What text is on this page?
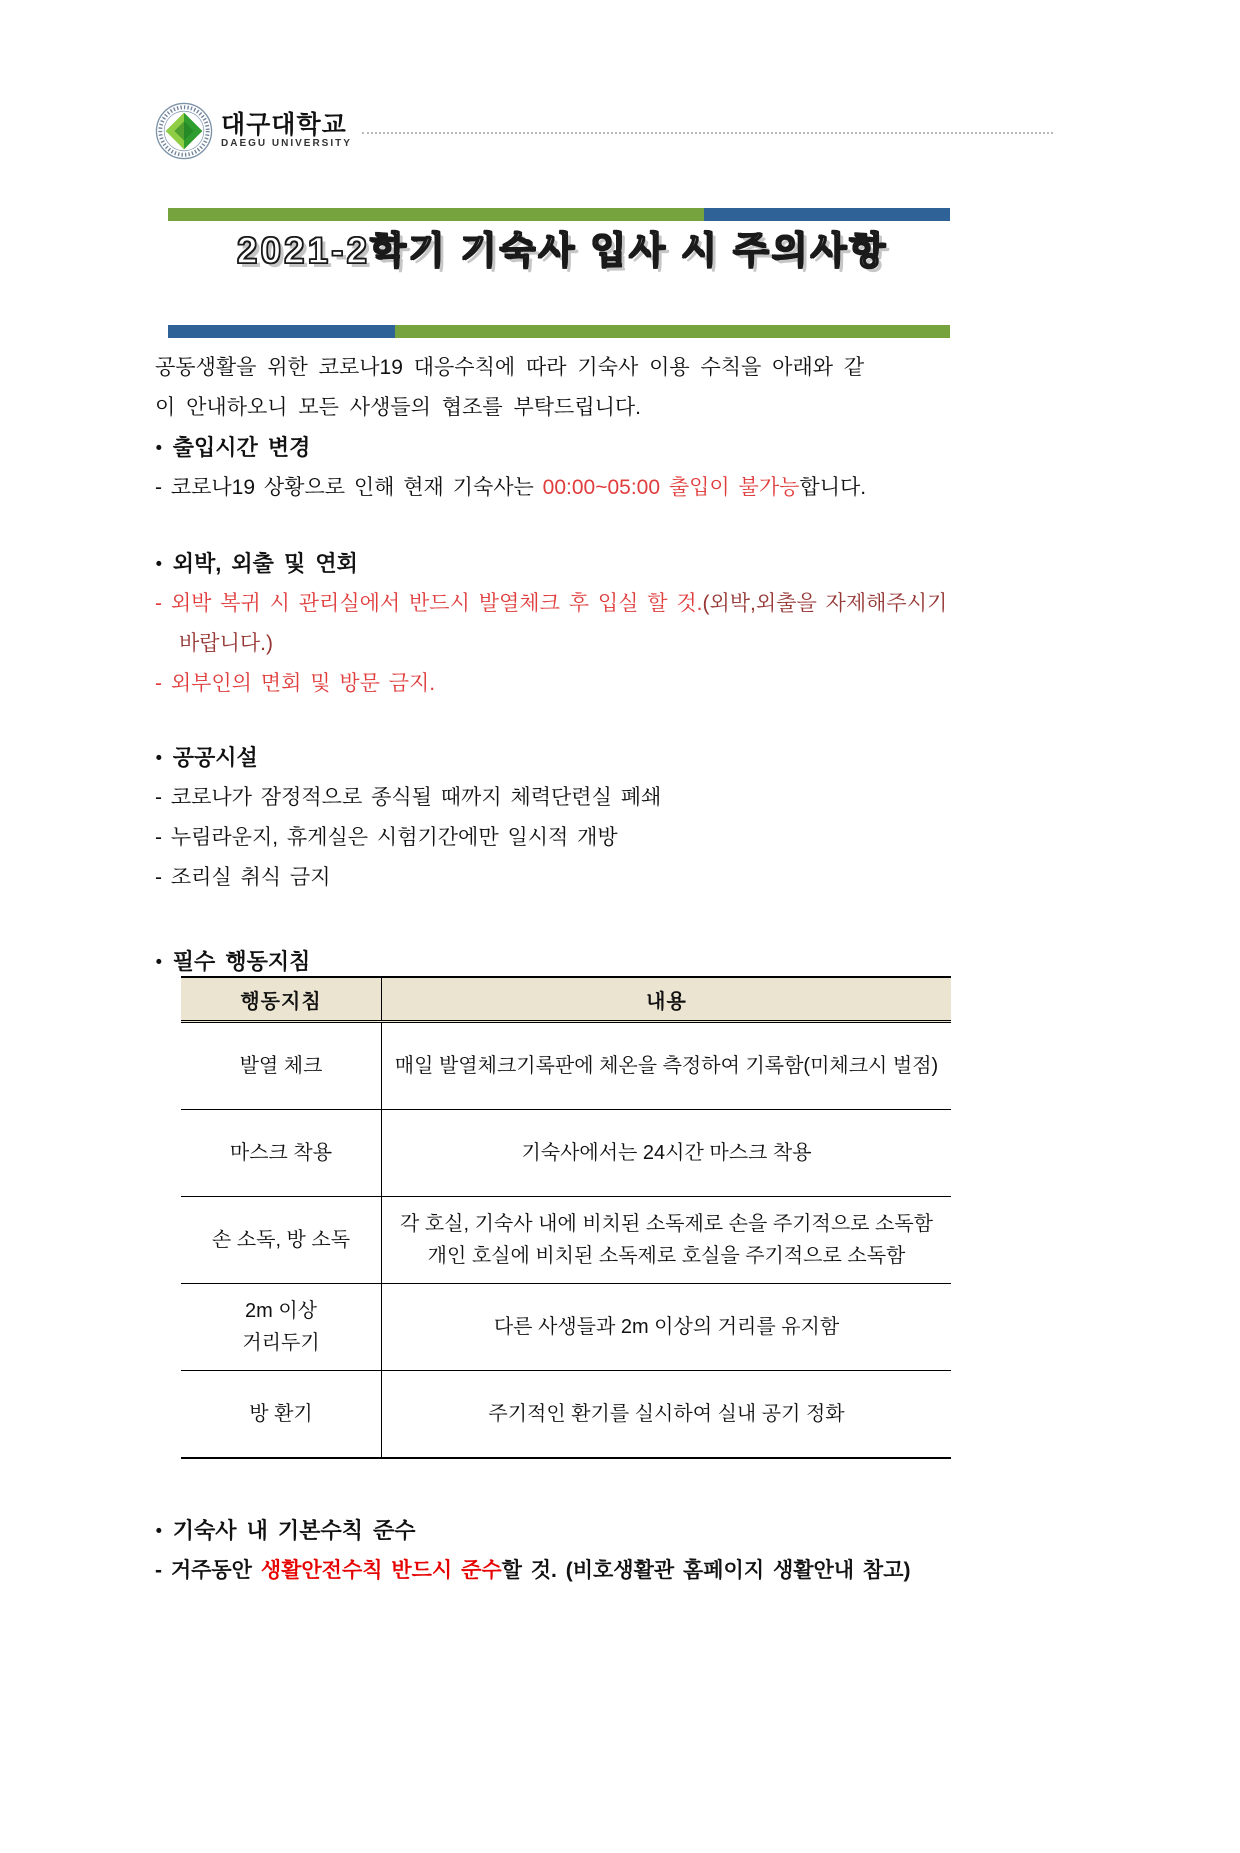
대구대학교
DAEGU UNIVERSITY
2021-2학기 기숙사 입사 시 주의사항
공동생활을 위한 코로나19 대응수칙에 따라 기숙사 이용 수칙을 아래와 같
이 안내하오니 모든 사생들의 협조를 부탁드립니다.
• 출입시간 변경
- 코로나19 상황으로 인해 현재 기숙사는 00:00~05:00 출입이 불가능합니다.
• 외박, 외출 및 연회
- 외박 복귀 시 관리실에서 반드시 발열체크 후 입실 할 것.(외박,외출을 자제해주시기 바랍니다.)
- 외부인의 면회 및 방문 금지.
• 공공시설
- 코로나가 잠정적으로 종식될 때까지 체력단련실 폐쇄
- 누림라운지, 휴게실은 시험기간에만 일시적 개방
- 조리실 취식 금지
• 필수 행동지침
행동지침	내용
발열 체크	매일 발열체크기록판에 체온을 측정하여 기록함(미체크시 벌점)
마스크 착용	기숙사에서는 24시간 마스크 착용
손 소독, 방 소독	각 호실, 기숙사 내에 비치된 소독제로 손을 주기적으로 소독함
개인 호실에 비치된 소독제로 호실을 주기적으로 소독함

2m 이상
거리두기	다른 사생들과 2m 이상의 거리를 유지함
방 환기	주기적인 환기를 실시하여 실내 공기 정화
• 기숙사 내 기본수칙 준수
- 거주동안 생활안전수칙 반드시 준수할 것. (비호생활관 홈페이지 생활안내 참고)
